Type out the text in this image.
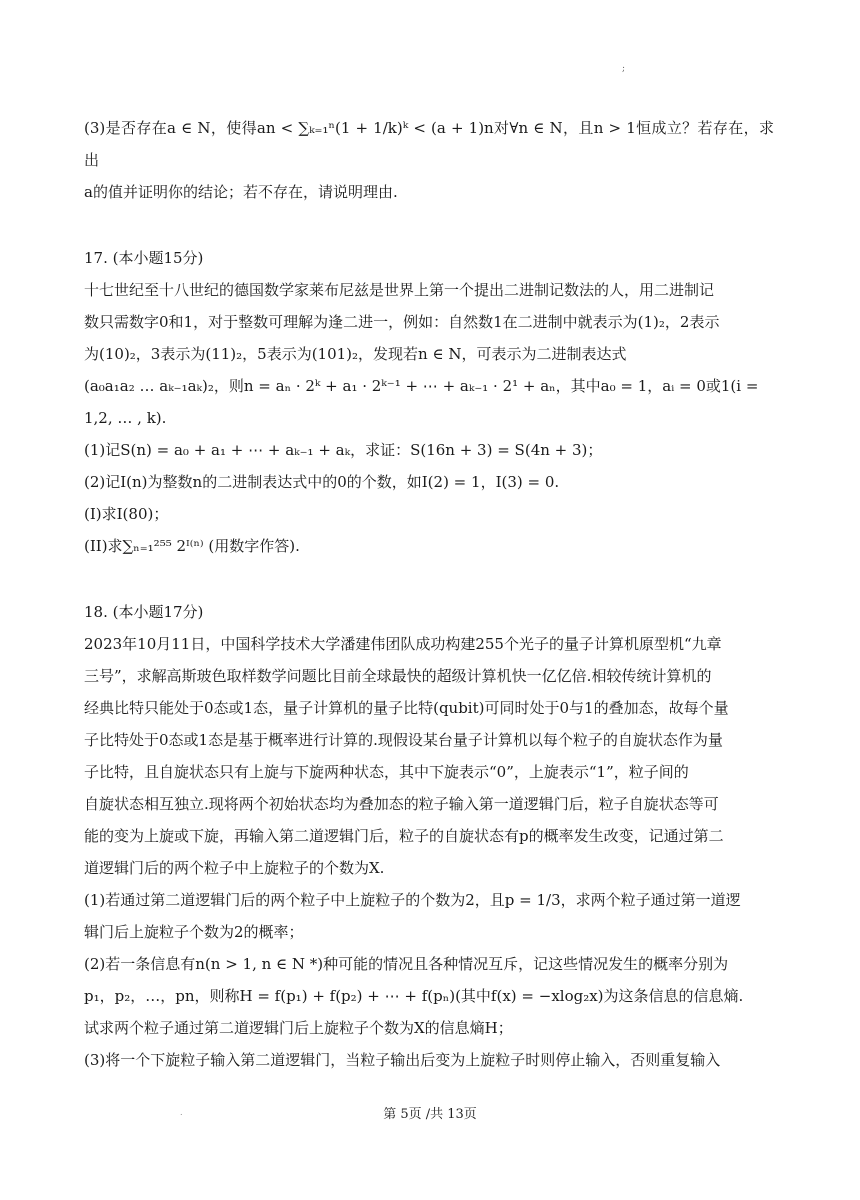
;

(3)是否存在a ∈ N，使得an < ∑ₖ₌₁ⁿ(1 + 1/k)ᵏ < (a + 1)n对∀n ∈ N，且n > 1恒成立？若存在，求出

a的值并证明你的结论；若不存在，请说明理由.

17. (本小题15分)

十七世纪至十八世纪的德国数学家莱布尼兹是世界上第一个提出二进制记数法的人，用二进制记

数只需数字0和1，对于整数可理解为逢二进一，例如：自然数1在二进制中就表示为(1)₂，2表示

为(10)₂，3表示为(11)₂，5表示为(101)₂，发现若n ∈ N，可表示为二进制表达式

(a₀a₁a₂ … aₖ₋₁aₖ)₂，则n = aₙ · 2ᵏ + a₁ · 2ᵏ⁻¹ + ⋯ + aₖ₋₁ · 2¹ + aₙ，其中a₀ = 1，aᵢ = 0或1(i =

1,2, … , k).

(1)记S(n) = a₀ + a₁ + ⋯ + aₖ₋₁ + aₖ，求证：S(16n + 3) = S(4n + 3)；

(2)记I(n)为整数n的二进制表达式中的0的个数，如I(2) = 1，I(3) = 0.

(I)求I(80)；

(II)求∑ₙ₌₁²⁵⁵ 2ᴵ⁽ⁿ⁾ (用数字作答).

18. (本小题17分)

2023年10月11日，中国科学技术大学潘建伟团队成功构建255个光子的量子计算机原型机“九章

三号”，求解高斯玻色取样数学问题比目前全球最快的超级计算机快一亿亿倍.相较传统计算机的

经典比特只能处于0态或1态，量子计算机的量子比特(qubit)可同时处于0与1的叠加态，故每个量

子比特处于0态或1态是基于概率进行计算的.现假设某台量子计算机以每个粒子的自旋状态作为量

子比特，且自旋状态只有上旋与下旋两种状态，其中下旋表示“0”，上旋表示“1”，粒子间的

自旋状态相互独立.现将两个初始状态均为叠加态的粒子输入第一道逻辑门后，粒子自旋状态等可

能的变为上旋或下旋，再输入第二道逻辑门后，粒子的自旋状态有p的概率发生改变，记通过第二

道逻辑门后的两个粒子中上旋粒子的个数为X.

(1)若通过第二道逻辑门后的两个粒子中上旋粒子的个数为2，且p = 1/3，求两个粒子通过第一道逻

辑门后上旋粒子个数为2的概率；

(2)若一条信息有n(n > 1, n ∈ N *)种可能的情况且各种情况互斥，记这些情况发生的概率分别为

p₁，p₂，…，pn，则称H = f(p₁) + f(p₂) + ⋯ + f(pₙ)(其中f(x) = −xlog₂x)为这条信息的信息熵.

试求两个粒子通过第二道逻辑门后上旋粒子个数为X的信息熵H；

(3)将一个下旋粒子输入第二道逻辑门，当粒子输出后变为上旋粒子时则停止输入，否则重复输入

.	第 5页 /共 13页
